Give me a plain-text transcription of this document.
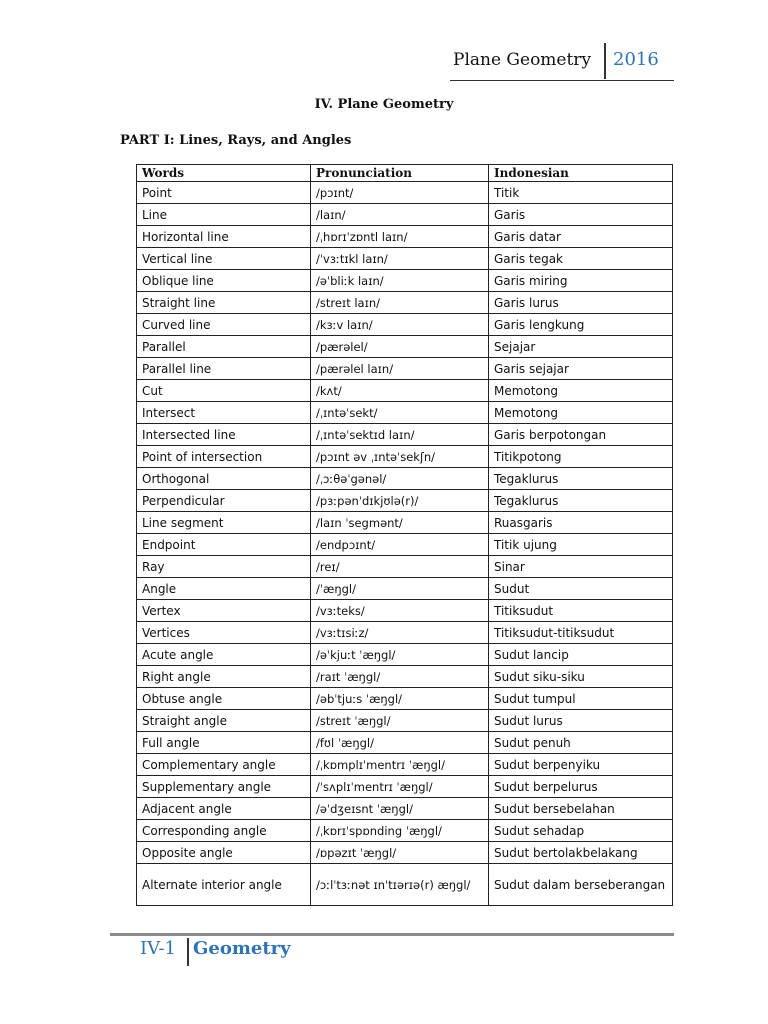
Plane Geometry 2016
IV. Plane Geometry
PART I: Lines, Rays, and Angles
Words	Pronunciation	Indonesian
Point	/pɔɪnt/	Titik
Line	/laɪn/	Garis
Horizontal line	/ˌhɒrɪˈzɒntl laɪn/	Garis datar
Vertical line	/ˈvɜːtɪkl laɪn/	Garis tegak
Oblique line	/əˈbliːk laɪn/	Garis miring
Straight line	/streɪt laɪn/	Garis lurus
Curved line	/kɜːv laɪn/	Garis lengkung
Parallel	/pærəlel/	Sejajar
Parallel line	/pærəlel laɪn/	Garis sejajar
Cut	/kʌt/	Memotong
Intersect	/ˌɪntəˈsekt/	Memotong
Intersected line	/ˌɪntəˈsektɪd laɪn/	Garis berpotongan
Point of intersection	/pɔɪnt əv ˌɪntəˈsekʃn/	Titikpotong
Orthogonal	/ˌɔːθəˈgənəl/	Tegaklurus
Perpendicular	/pɜːpənˈdɪkjʊlə(r)/	Tegaklurus
Line segment	/laɪn ˈsegmənt/	Ruasgaris
Endpoint	/endpɔɪnt/	Titik ujung
Ray	/reɪ/	Sinar
Angle	/ˈæŋgl/	Sudut
Vertex	/vɜːteks/	Titiksudut
Vertices	/vɜːtɪsiːz/	Titiksudut-titiksudut
Acute angle	/əˈkjuːt ˈæŋgl/	Sudut lancip
Right angle	/raɪt ˈæŋgl/	Sudut siku-siku
Obtuse angle	/əbˈtjuːs ˈæŋgl/	Sudut tumpul
Straight angle	/streɪt ˈæŋgl/	Sudut lurus
Full angle	/fʊl ˈæŋgl/	Sudut penuh
Complementary angle	/ˌkɒmplɪˈmentrɪ ˈæŋgl/	Sudut berpenyiku
Supplementary angle	/ˈsʌplɪˈmentrɪ ˈæŋgl/	Sudut berpelurus
Adjacent angle	/əˈdʒeɪsnt ˈæŋgl/	Sudut bersebelahan
Corresponding angle	/ˌkɒrɪˈspɒnding ˈæŋgl/	Sudut sehadap
Opposite angle	/ɒpəzɪt ˈæŋgl/	Sudut bertolakbelakang
Alternate interior angle	/ɔːlˈtɜːnət ɪnˈtɪərɪə(r) æŋgl/	Sudut dalam berseberangan
IV-1 Geometry
